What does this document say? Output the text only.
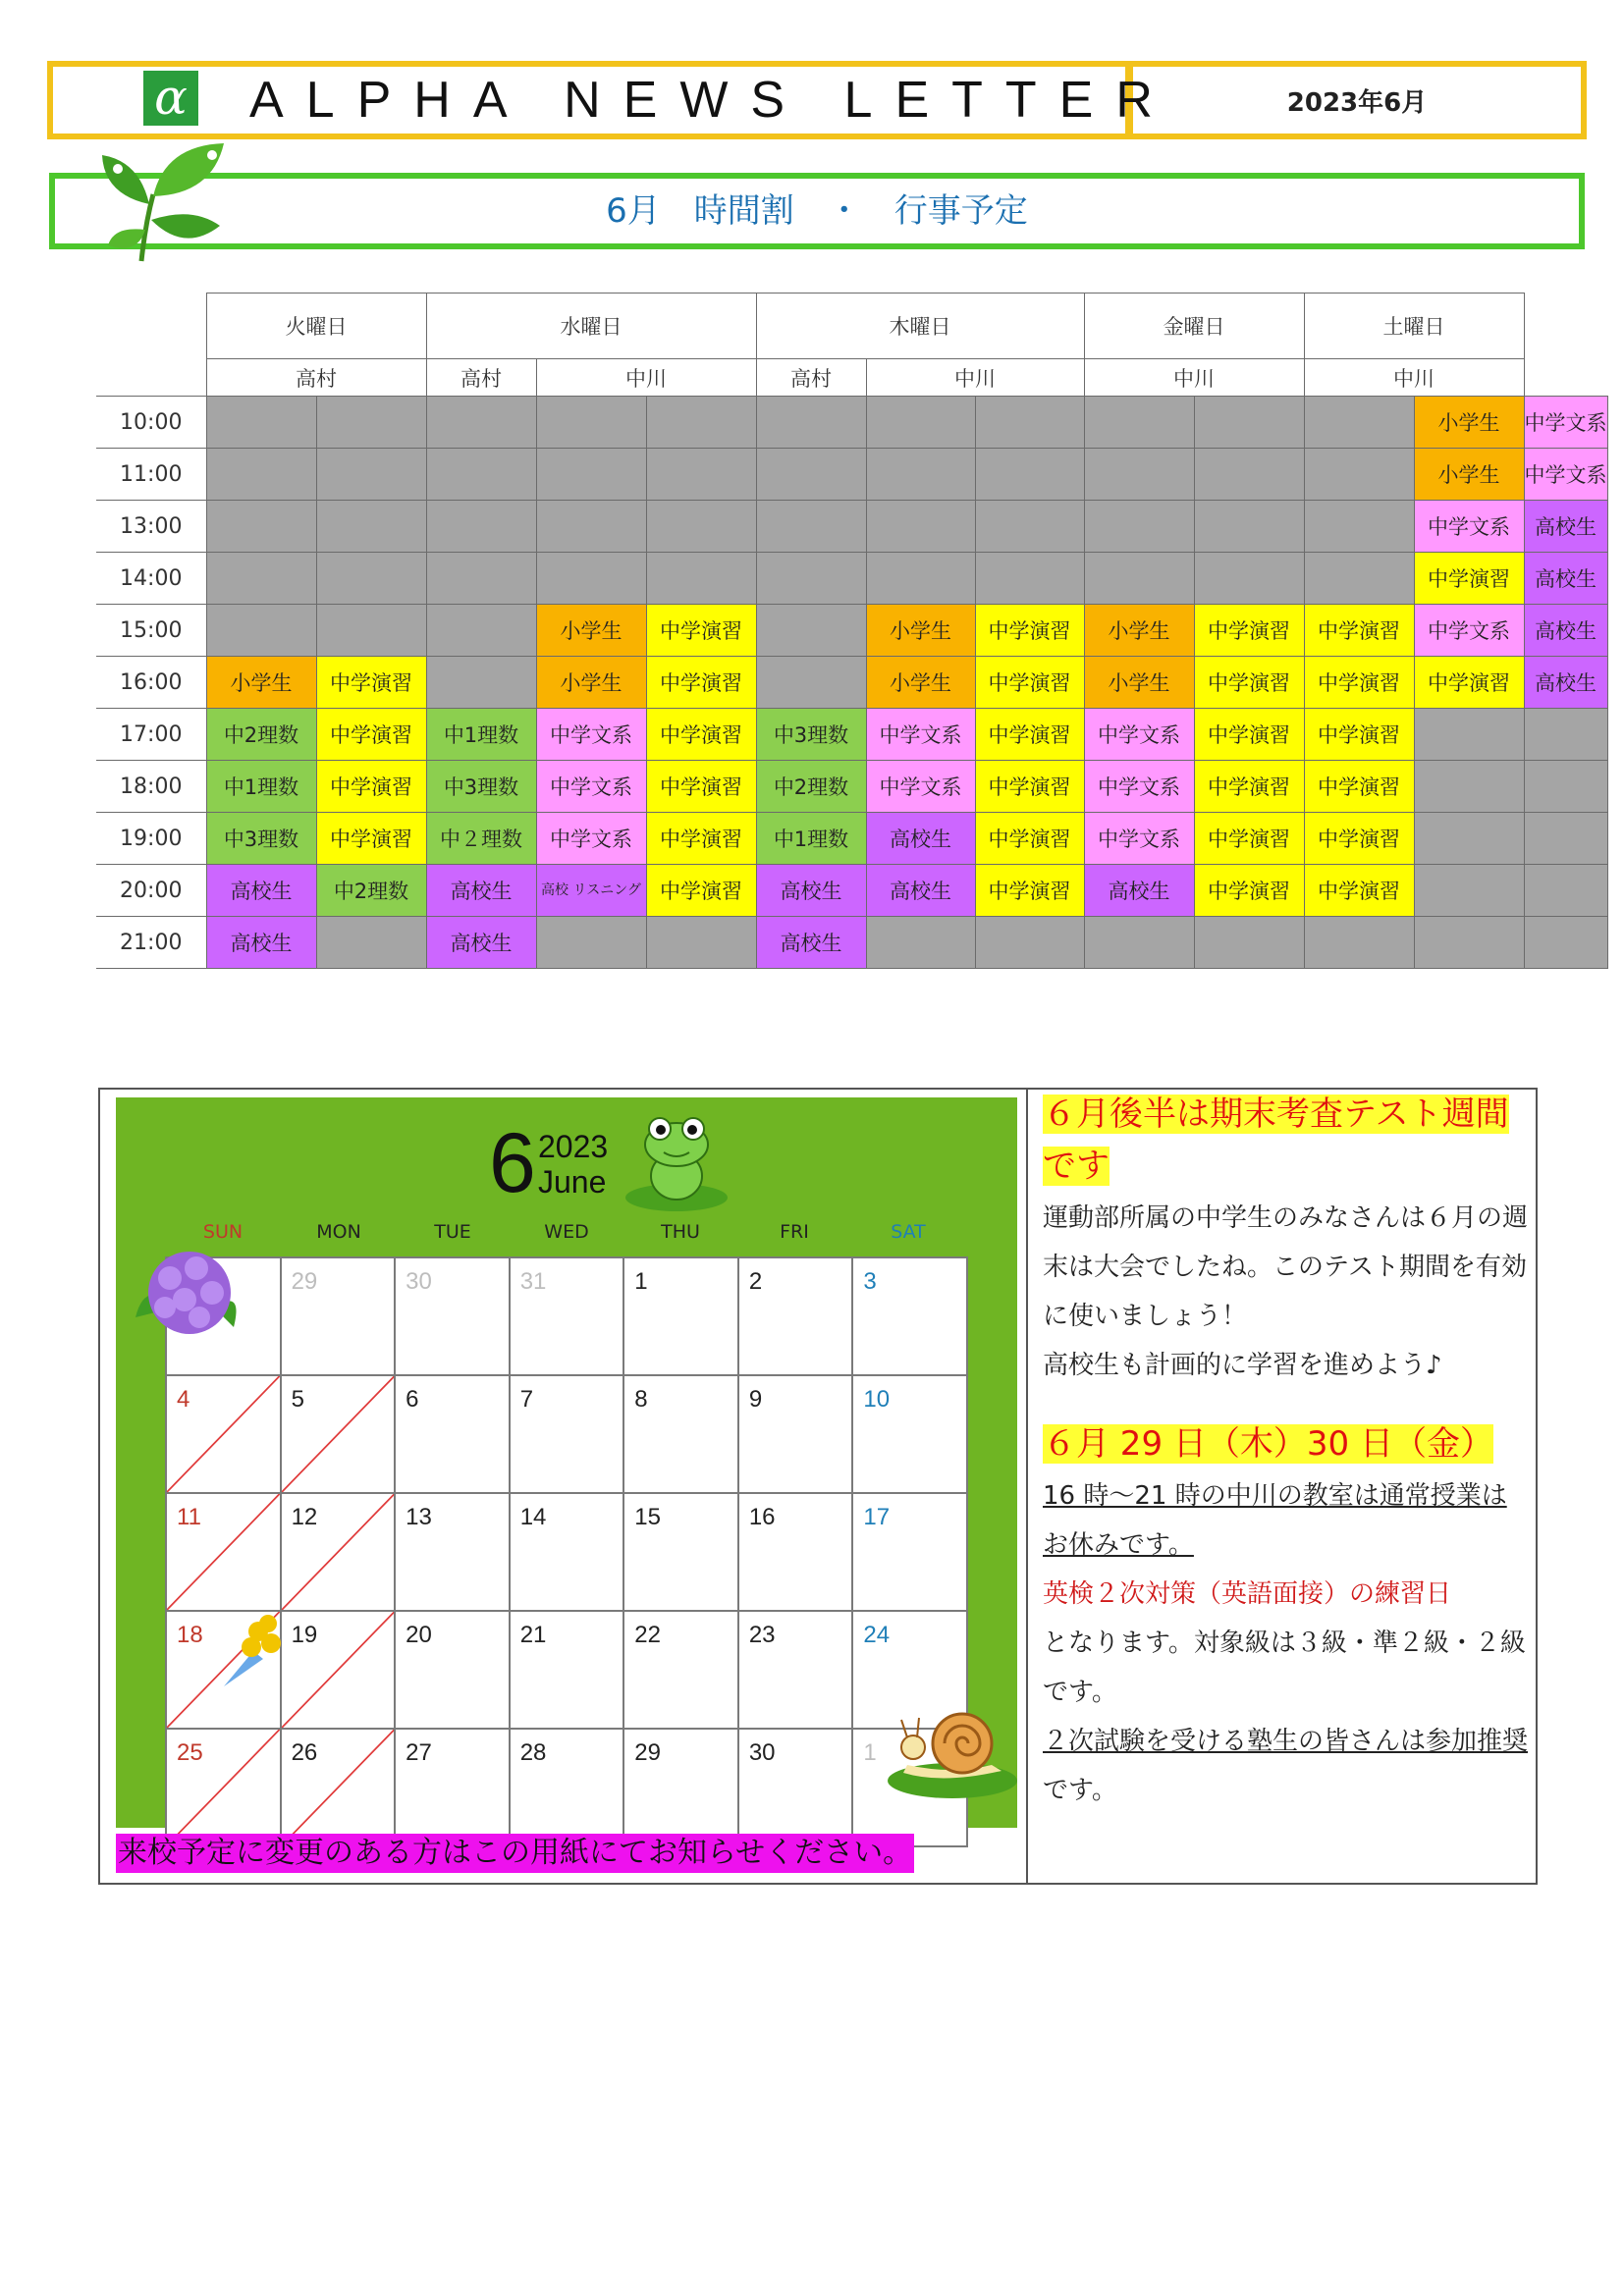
2023年6月
α ALPHA NEWS LETTER
6月　時間割　・　行事予定
	火曜日		水曜日			木曜日			金曜日		土曜日		
	高村		高村	中川		高村	中川		中川		中川		
10:00												小学生	中学文系
11:00												小学生	中学文系
13:00												中学文系	高校生
14:00												中学演習	高校生
15:00				小学生	中学演習		小学生	中学演習	小学生	中学演習	中学演習	中学文系	高校生
16:00	小学生	中学演習		小学生	中学演習		小学生	中学演習	小学生	中学演習	中学演習	中学演習	高校生
17:00	中2理数	中学演習	中1理数	中学文系	中学演習	中3理数	中学文系	中学演習	中学文系	中学演習	中学演習		
18:00	中1理数	中学演習	中3理数	中学文系	中学演習	中2理数	中学文系	中学演習	中学文系	中学演習	中学演習		
19:00	中3理数	中学演習	中２理数	中学文系	中学演習	中1理数	高校生	中学演習	中学文系	中学演習	中学演習		
20:00	高校生	中2理数	高校生	高校 リスニング	中学演習	高校生	高校生	中学演習	高校生	中学演習	中学演習		
21:00	高校生		高校生			高校生							
6 2023
June
SUN	MON	TUE	WED	THU	FRI	SAT
	29	30	31	1	2	3
4	5	6	7	8	9	10
11	12	13	14	15	16	17
18	19	20	21	22	23	24
25	26	27	28	29	30	1
来校予定に変更のある方はこの用紙にてお知らせください。
６月後半は期末考査テスト週間です
運動部所属の中学生のみなさんは６月の週末は大会でしたね。このテスト期間を有効に使いましょう！
高校生も計画的に学習を進めよう♪
６月 29 日（木）30 日（金）
16 時～21 時の中川の教室は通常授業はお休みです。
英検２次対策（英語面接）の練習日
となります。対象級は３級・準２級・２級です。
２次試験を受ける塾生の皆さんは参加推奨です。
